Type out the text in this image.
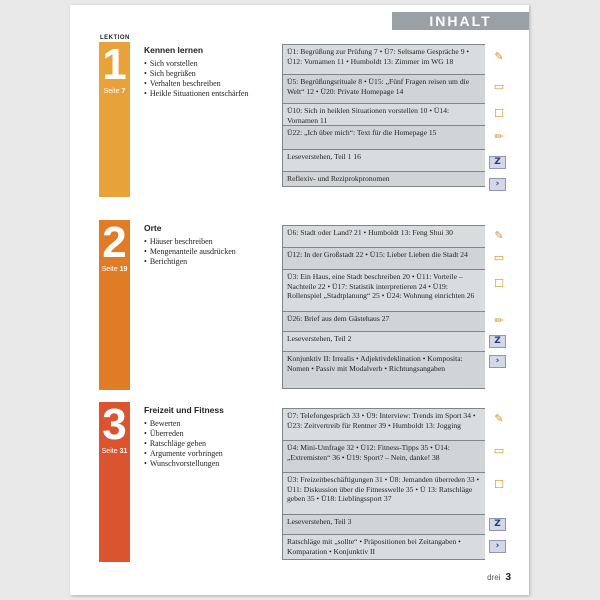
INHALT
LEKTION
1
Seite 7
Kennen lernen
• Sich vorstellen
• Sich begrüßen
• Verhalten beschreiben
• Heikle Situationen entschärfen
Ü1: Begrüßung zur Prüfung 7 • Ü7: Seltsame Gespräche 9 • Ü12: Vornamen 11 • Humboldt 13: Zimmer im WG 18
Ü5: Begrüßungsrituale 8 • Ü15: „Fünf Fragen reisen um die Welt“ 12 • Ü20: Private Homepage 14
Ü10: Sich in heiklen Situationen vorstellen 10 • Ü14: Vornamen 11
Ü22: „Ich über mich“: Text für die Homepage 15
Leseverstehen, Teil 1 16
Reflexiv- und Reziprokpronomen
✎
▭
☐
✏
Z
›
2
Seite 19
Orte
• Häuser beschreiben
• Mengenanteile ausdrücken
• Berichtigen
Ü6: Stadt oder Land? 21 • Humboldt 13: Feng Shui 30
Ü12: In der Großstadt 22 • Ü15: Lieber Lieben die Stadt 24
Ü3: Ein Haus, eine Stadt beschreiben 20 • Ü11: Vorteile – Nachteile 22 • Ü17: Statistik interpretieren 24 • Ü19: Rollenspiel „Stadtplanung“ 25 • Ü24: Wohnung einrichten 26
Ü26: Brief aus dem Gästehaus 27
Leseverstehen, Teil 2
Konjunktiv II: Irrealis • Adjektivdeklination • Komposita: Nomen • Passiv mit Modalverb • Richtungsangaben
✎
▭
☐
✏
Z
›
3
Seite 31
Freizeit und Fitness
• Bewerten
• Überreden
• Ratschläge geben
• Argumente vorbringen
• Wunschvorstellungen
Ü7: Telefongespräch 33 • Ü9: Interview: Trends im Sport 34 • Ü23: Zeitvertreib für Rentner 39 • Humboldt 13: Jogging
Ü4: Mini-Umfrage 32 • Ü12: Fitness-Tipps 35 • Ü14: „Extremisten“ 36 • Ü19: Sport? – Nein, danke! 38
Ü3: Freizeitbeschäftigungen 31 • Ü8: Jemanden überreden 33 • Ü11: Diskussion über die Fitnesswelle 35 • Ü 13: Ratschläge geben 35 • Ü18: Lieblingssport 37
Leseverstehen, Teil 3
Ratschläge mit „sollte“ • Präpositionen bei Zeitangaben • Komparation • Konjunktiv II
✎
▭
☐
Z
›
drei 3
